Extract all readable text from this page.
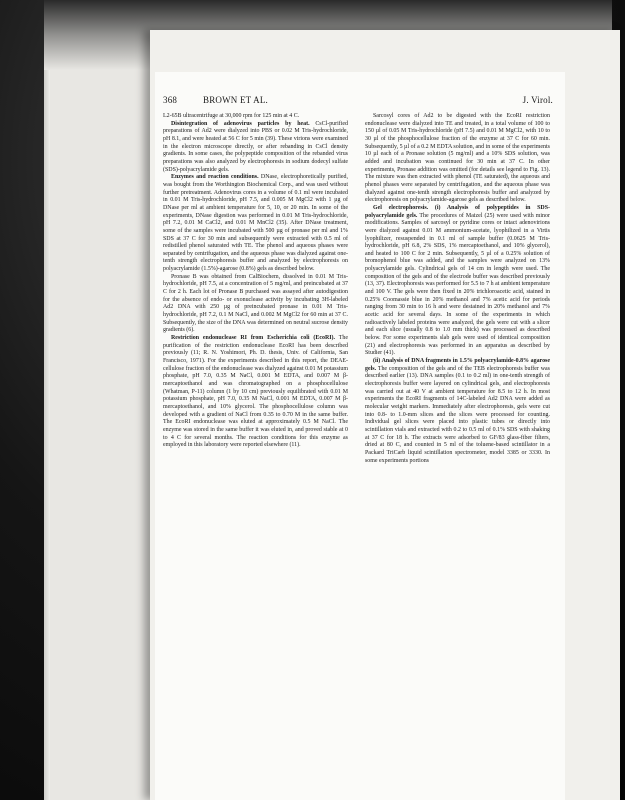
368	BROWN ET AL.	J. Virol.

L2-65B ultracentrifuge at 30,000 rpm for 125 min at 4 C.

Disintegration of adenovirus particles by heat. CsCl-purified preparations of Ad2 were dialyzed into PBS or 0.02 M Tris-hydrochloride, pH 8.1, and were heated at 56 C for 5 min (39). These virions were examined in the electron microscope directly, or after rebanding in CsCl density gradients. In some cases, the polypeptide composition of the rebanded virus preparations was also analyzed by electrophoresis in sodium dodecyl sulfate (SDS)-polyacrylamide gels.

Enzymes and reaction conditions. DNase, electrophoretically purified, was bought from the Worthington Biochemical Corp., and was used without further pretreatment. Adenovirus cores in a volume of 0.1 ml were incubated in 0.01 M Tris-hydrochloride, pH 7.5, and 0.005 M MgCl2 with 1 µg of DNase per ml at ambient temperature for 5, 10, or 20 min. In some of the experiments, DNase digestion was performed in 0.01 M Tris-hydrochloride, pH 7.2, 0.01 M CaCl2, and 0.01 M MnCl2 (35). After DNase treatment, some of the samples were incubated with 500 µg of pronase per ml and 1% SDS at 37 C for 30 min and subsequently were extracted with 0.5 ml of redistilled phenol saturated with TE. The phenol and aqueous phases were separated by centrifugation, and the aqueous phase was dialyzed against one-tenth strength electrophoresis buffer and analyzed by electrophoresis on polyacrylamide (1.5%)-agarose (0.8%) gels as described below.

Pronase B was obtained from CalBiochem, dissolved in 0.01 M Tris-hydrochloride, pH 7.5, at a concentration of 5 mg/ml, and preincubated at 37 C for 2 h. Each lot of Pronase B purchased was assayed after autodigestion for the absence of endo- or exonuclease activity by incubating 3H-labeled Ad2 DNA with 250 µg of preincubated pronase in 0.01 M Tris-hydrochloride, pH 7.2, 0.1 M NaCl, and 0.002 M MgCl2 for 60 min at 37 C. Subsequently, the size of the DNA was determined on neutral sucrose density gradients (6).

Restriction endonuclease RI from Escherichia coli (EcoRI). The purification of the restriction endonuclease EcoRI has been described previously (11; R. N. Yoshimori, Ph. D. thesis, Univ. of California, San Francisco, 1971). For the experiments described in this report, the DEAE-cellulose fraction of the endonuclease was dialyzed against 0.01 M potassium phosphate, pH 7.0, 0.35 M NaCl, 0.001 M EDTA, and 0.007 M β-mercaptoethanol and was chromatographed on a phosphocellulose (Whatman, P-11) column (1 by 10 cm) previously equilibrated with 0.01 M potassium phosphate, pH 7.0, 0.35 M NaCl, 0.001 M EDTA, 0.007 M β-mercaptoethanol, and 10% glycerol. The phosphocellulose column was developed with a gradient of NaCl from 0.35 to 0.70 M in the same buffer. The EcoRI endonuclease was eluted at approximately 0.5 M NaCl. The enzyme was stored in the same buffer it was eluted in, and proved stable at 0 to 4 C for several months. The reaction conditions for this enzyme as employed in this laboratory were reported elsewhere (11).

Sarcosyl cores of Ad2 to be digested with the EcoRI restriction endonuclease were dialyzed into TE and treated, in a total volume of 100 to 150 µl of 0.05 M Tris-hydrochloride (pH 7.5) and 0.01 M MgCl2, with 10 to 30 µl of the phosphocellulose fraction of the enzyme at 37 C for 60 min. Subsequently, 5 µl of a 0.2 M EDTA solution, and in some of the experiments 10 µl each of a Pronase solution (5 mg/ml) and a 10% SDS solution, was added and incubation was continued for 30 min at 37 C. In other experiments, Pronase addition was omitted (for details see legend to Fig. 13). The mixture was then extracted with phenol (TE saturated), the aqueous and phenol phases were separated by centrifugation, and the aqueous phase was dialyzed against one-tenth strength electrophoresis buffer and analyzed by electrophoresis on polyacrylamide-agarose gels as described below.

Gel electrophoresis. (i) Analysis of polypeptides in SDS-polyacrylamide gels. The procedures of Maizel (25) were used with minor modifications. Samples of sarcosyl or pyridine cores or intact adenovirions were dialyzed against 0.01 M ammonium-acetate, lyophilized in a Virtis lyophilizer, resuspended in 0.1 ml of sample buffer (0.0625 M Tris-hydrochloride, pH 6.8, 2% SDS, 1% mercaptoethanol, and 10% glycerol), and heated to 100 C for 2 min. Subsequently, 5 µl of a 0.25% solution of bromophenol blue was added, and the samples were analyzed on 13% polyacrylamide gels. Cylindrical gels of 14 cm in length were used. The composition of the gels and of the electrode buffer was described previously (13, 37). Electrophoresis was performed for 5.5 to 7 h at ambient temperature and 100 V. The gels were then fixed in 20% trichloroacetic acid, stained in 0.25% Coomassie blue in 20% methanol and 7% acetic acid for periods ranging from 30 min to 16 h and were destained in 20% methanol and 7% acetic acid for several days. In some of the experiments in which radioactively labeled proteins were analyzed, the gels were cut with a slicer and each slice (usually 0.8 to 1.0 mm thick) was processed as described below. For some experiments slab gels were used of identical composition (21) and electrophoresis was performed in an apparatus as described by Studier (41).

(ii) Analysis of DNA fragments in 1.5% polyacrylamide-0.8% agarose gels. The composition of the gels and of the TEB electrophoresis buffer was described earlier (13). DNA samples (0.1 to 0.2 ml) in one-tenth strength of electrophoresis buffer were layered on cylindrical gels, and electrophoresis was carried out at 40 V at ambient temperature for 8.5 to 12 h. In most experiments the EcoRI fragments of 14C-labeled Ad2 DNA were added as molecular weight markers. Immediately after electrophoresis, gels were cut into 0.8- to 1.0-mm slices and the slices were processed for counting. Individual gel slices were placed into plastic tubes or directly into scintillation vials and extracted with 0.2 to 0.5 ml of 0.1% SDS with shaking at 37 C for 18 h. The extracts were adsorbed to GF/83 glass-fiber filters, dried at 80 C, and counted in 5 ml of the toluene-based scintillator in a Packard TriCarb liquid scintillation spectrometer, model 3385 or 3330. In some experiments portions
